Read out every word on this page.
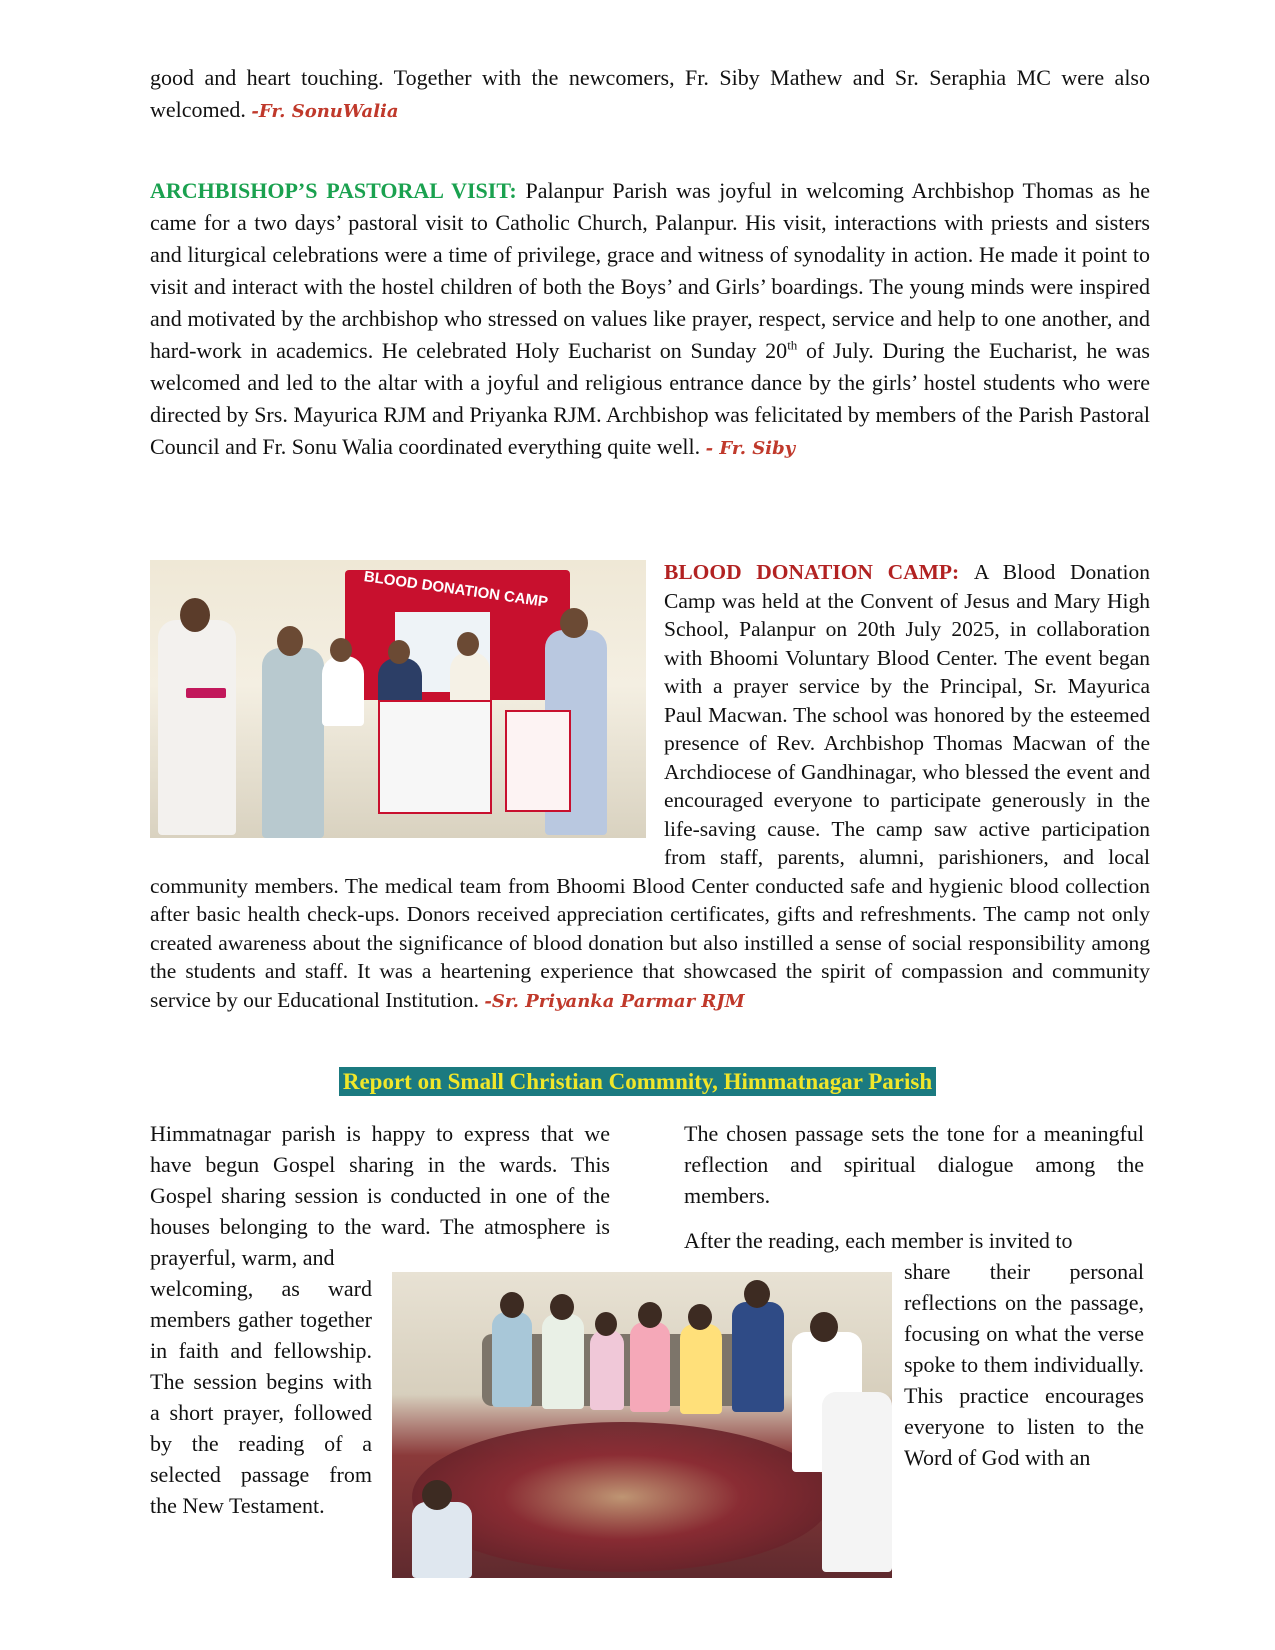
good and heart touching. Together with the newcomers, Fr. Siby Mathew and Sr. Seraphia MC were also welcomed. -Fr. SonuWalia

ARCHBISHOP’S PASTORAL VISIT: Palanpur Parish was joyful in welcoming Archbishop Thomas as he came for a two days’ pastoral visit to Catholic Church, Palanpur. His visit, interactions with priests and sisters and liturgical celebrations were a time of privilege, grace and witness of synodality in action. He made it point to visit and interact with the hostel children of both the Boys’ and Girls’ boardings. The young minds were inspired and motivated by the archbishop who stressed on values like prayer, respect, service and help to one another, and hard-work in academics. He celebrated Holy Eucharist on Sunday 20th of July. During the Eucharist, he was welcomed and led to the altar with a joyful and religious entrance dance by the girls’ hostel students who were directed by Srs. Mayurica RJM and Priyanka RJM. Archbishop was felicitated by members of the Parish Pastoral Council and Fr. Sonu Walia coordinated everything quite well. - Fr. Siby

BLOOD DONATION CAMP:
BLOOD DONATION CAMP	A Blood Donation Camp was held at the Convent of Jesus and Mary High School, Palanpur on 20th July 2025, in collaboration with Bhoomi Voluntary Blood Center. The event began with a prayer service by the Principal, Sr. Mayurica Paul Macwan. The school was honored by the esteemed presence of Rev. Archbishop Thomas Macwan of the Archdiocese of Gandhinagar, who blessed the event and encouraged everyone to participate generously in the life-saving cause. The camp saw active participation from staff, parents, alumni, parishioners, and local community members. The medical team from Bhoomi Blood Center conducted safe and hygienic blood collection after basic health check-ups. Donors received appreciation certificates, gifts and refreshments. The camp not only created awareness about the significance of blood donation but also instilled a sense of social responsibility among the students and staff. It was a heartening experience that showcased the spirit of compassion and community service by our Educational Institution. -Sr. Priyanka Parmar RJM

Report on Small Christian Commnity, Himmatnagar Parish

Himmatnagar parish is happy to express that we have begun Gospel sharing in the wards. This Gospel sharing session is conducted in one of the houses belonging to the ward. The atmosphere is prayerful, warm, and

welcoming, as ward members gather together in faith and fellowship. The session begins with a short prayer, followed by the reading of a selected passage from the New Testament.

The chosen passage sets the tone for a meaningful reflection and spiritual dialogue among the members.

After the reading, each member is invited to

share their personal reflections on the passage, focusing on what the verse spoke to them individually. This practice encourages everyone to listen to the Word of God with an
